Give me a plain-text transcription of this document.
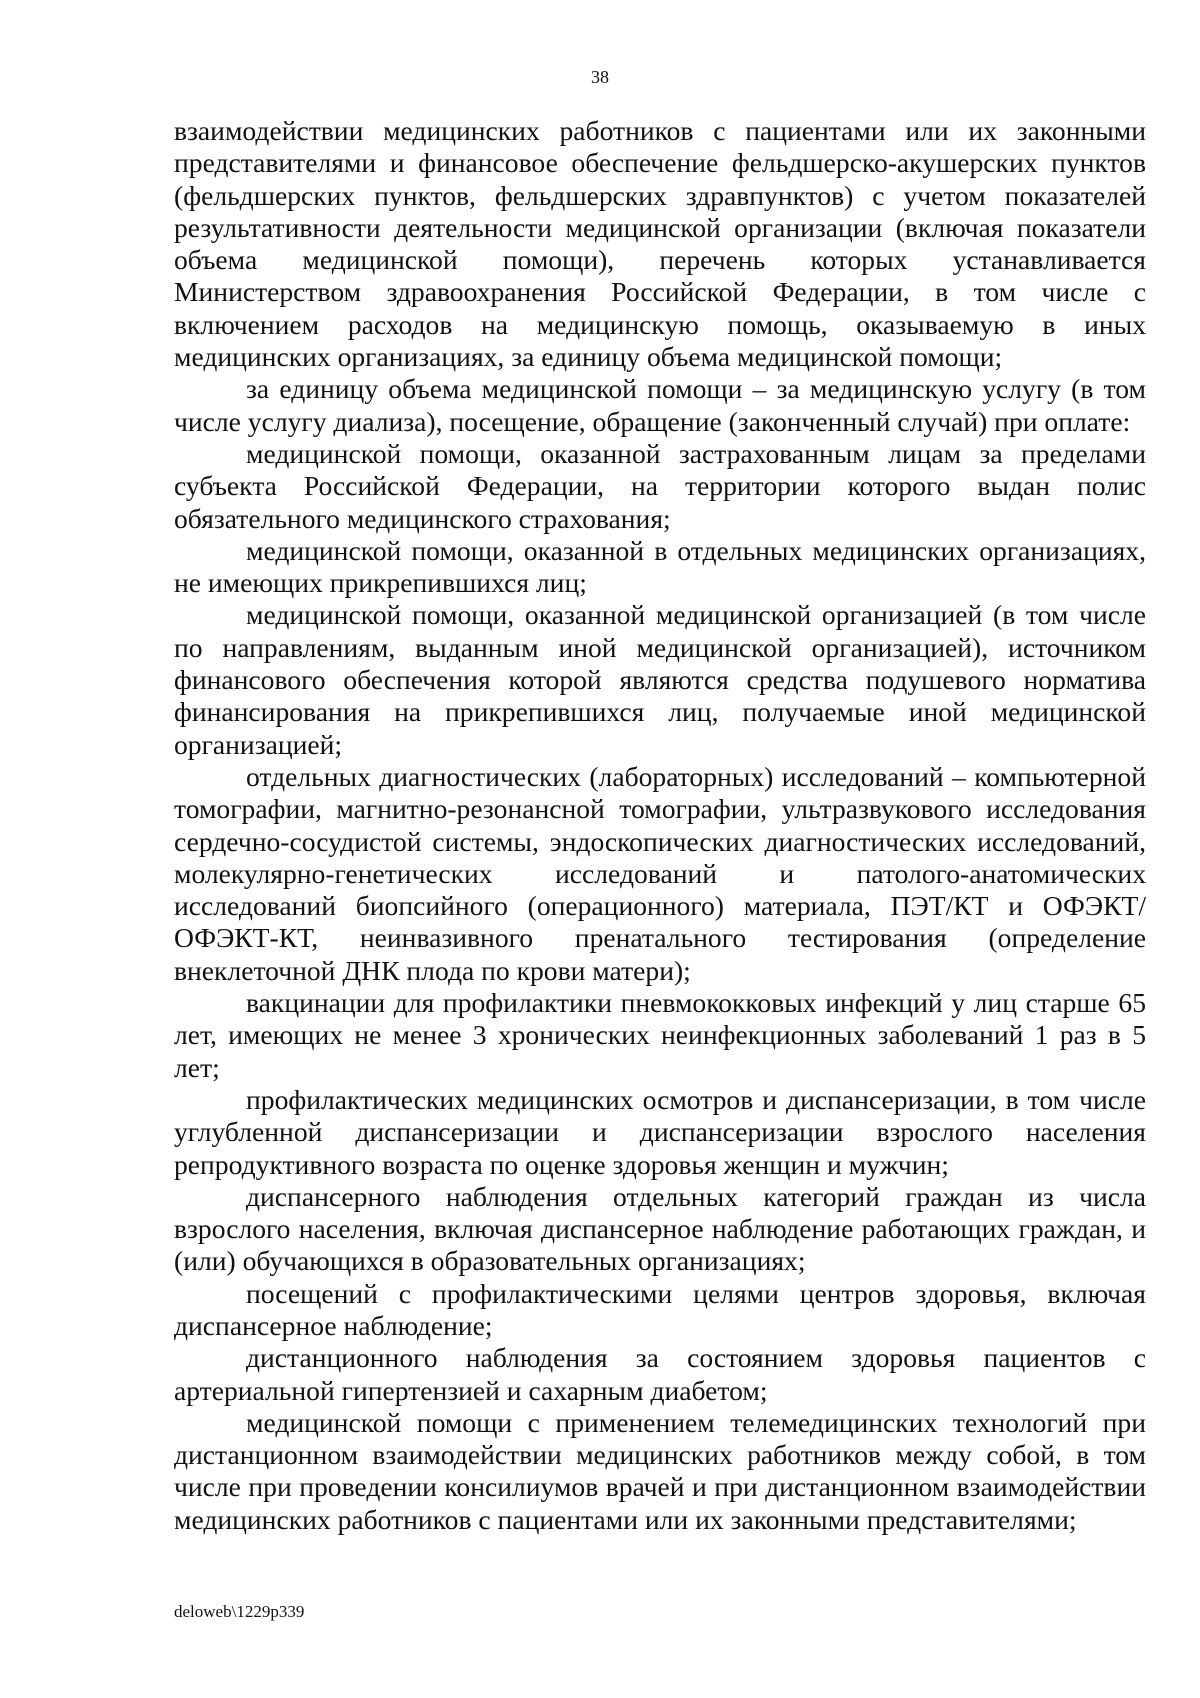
38

взаимодействии медицинских работников с пациентами или их законными представителями и финансовое обеспечение фельдшерско-акушерских пунктов (фельдшерских пунктов, фельдшерских здравпунктов) с учетом показателей результативности деятельности медицинской организации (включая показатели объема медицинской помощи), перечень которых устанавливается Министерством здравоохранения Российской Федерации, в том числе с включением расходов на медицинскую помощь, оказываемую в иных медицинских организациях, за единицу объема медицинской помощи;

за единицу объема медицинской помощи – за медицинскую услугу (в том числе услугу диализа), посещение, обращение (законченный случай) при оплате:

медицинской помощи, оказанной застрахованным лицам за пределами субъекта Российской Федерации, на территории которого выдан полис обязательного медицинского страхования;

медицинской помощи, оказанной в отдельных медицинских организациях, не имеющих прикрепившихся лиц;

медицинской помощи, оказанной медицинской организацией (в том числе по направлениям, выданным иной медицинской организацией), источником финансового обеспечения которой являются средства подушевого норматива финансирования на прикрепившихся лиц, получаемые иной медицинской организацией;

отдельных диагностических (лабораторных) исследований – компьютерной томографии, магнитно-резонансной томографии, ультразвукового исследования сердечно-сосудистой системы, эндоскопических диагностических исследований, молекулярно-генетических исследований и патолого-анатомических исследований биопсийного (операционного) материала, ПЭТ/КТ и ОФЭКТ/ОФЭКТ-КТ, неинвазивного пренатального тестирования (определение внеклеточной ДНК плода по крови матери);

вакцинации для профилактики пневмококковых инфекций у лиц старше 65 лет, имеющих не менее 3 хронических неинфекционных заболеваний 1 раз в 5 лет;

профилактических медицинских осмотров и диспансеризации, в том числе углубленной диспансеризации и диспансеризации взрослого населения репродуктивного возраста по оценке здоровья женщин и мужчин;

диспансерного наблюдения отдельных категорий граждан из числа взрослого населения, включая диспансерное наблюдение работающих граждан, и (или) обучающихся в образовательных организациях;

посещений с профилактическими целями центров здоровья, включая диспансерное наблюдение;

дистанционного наблюдения за состоянием здоровья пациентов с артериальной гипертензией и сахарным диабетом;

медицинской помощи с применением телемедицинских технологий при дистанционном взаимодействии медицинских работников между собой, в том числе при проведении консилиумов врачей и при дистанционном взаимодействии медицинских работников с пациентами или их законными представителями;

deloweb\1229p339
